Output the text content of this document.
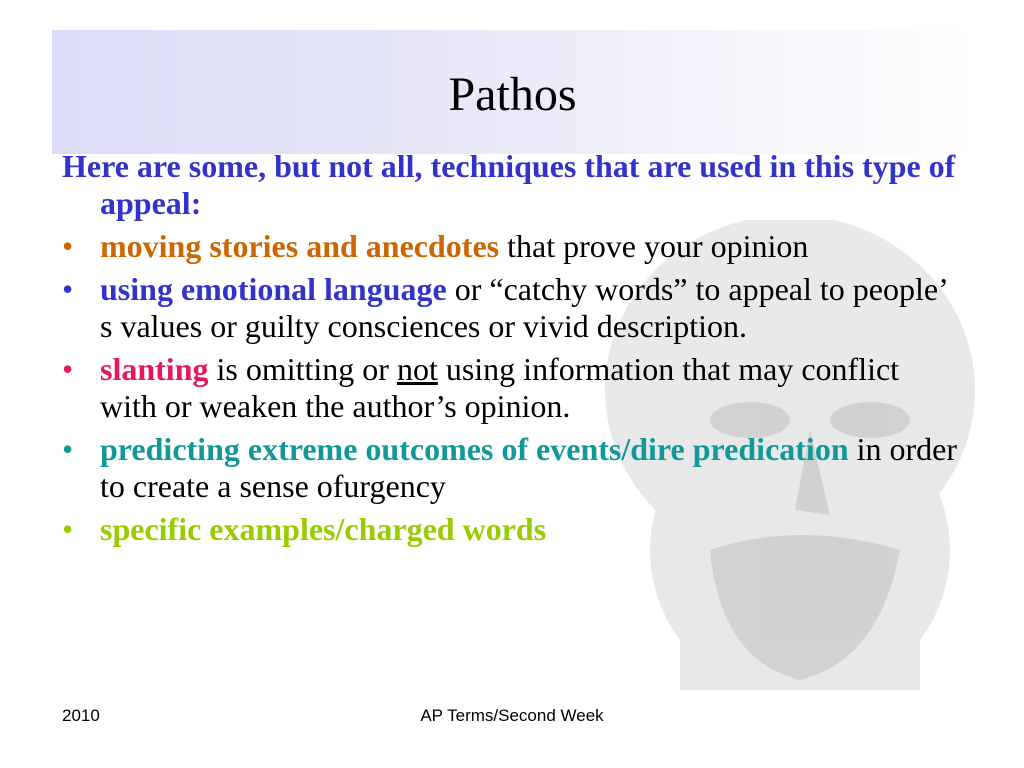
Pathos

Here are some, but not all, techniques that are used in this type of appeal:

• moving stories and anecdotes that prove your opinion
• using emotional language or “catchy words” to appeal to people’ s values or guilty consciences or vivid description.
• slanting is omitting or not using information that may conflict with or weaken the author’s opinion.
• predicting extreme outcomes of events/dire predication in order to create a sense ofurgency
• specific examples/charged words
2010	AP Terms/Second Week
